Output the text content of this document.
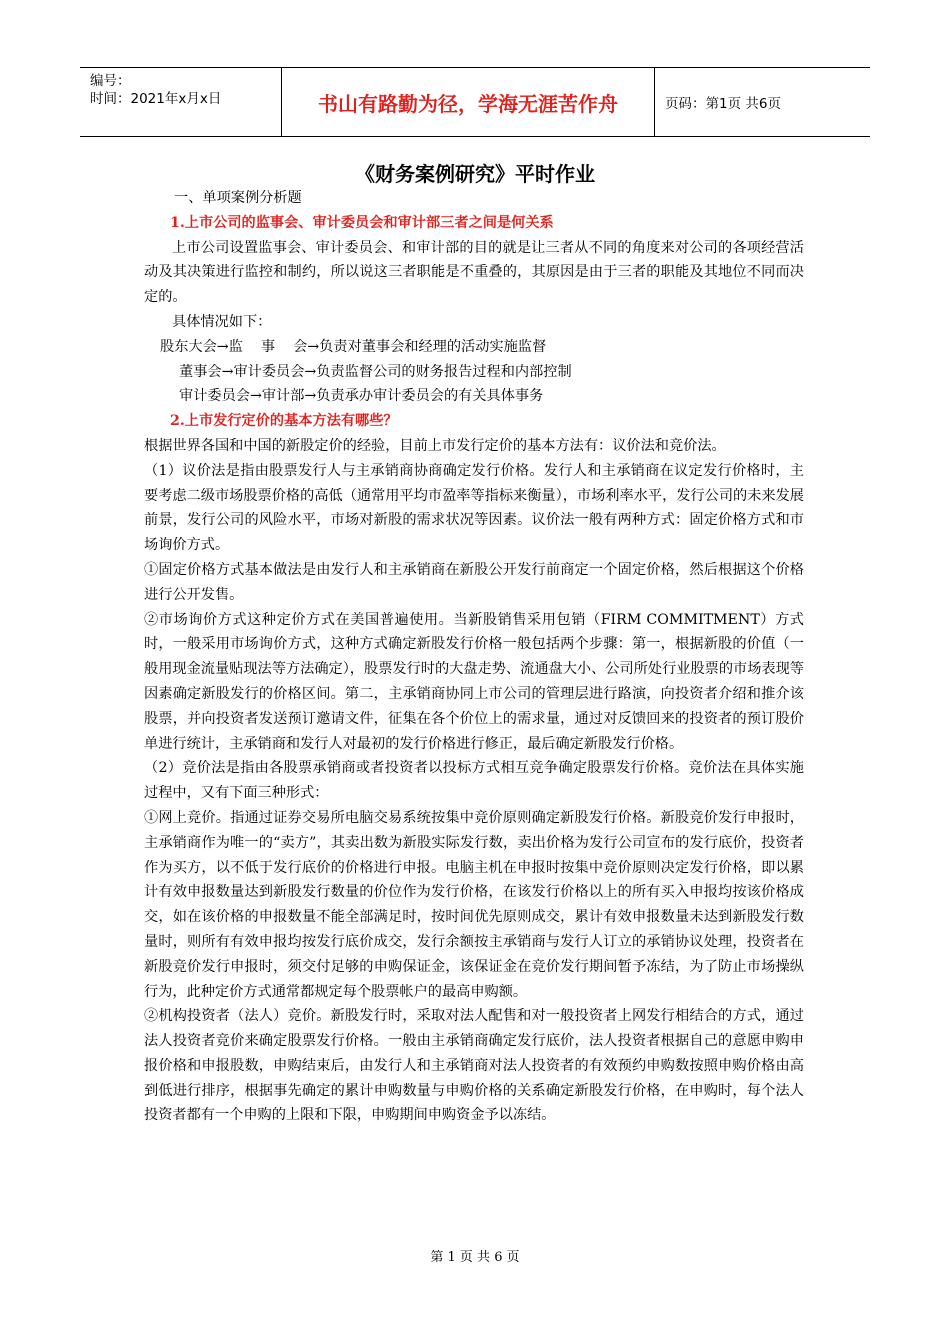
编号：
时间：2021年x月x日	书山有路勤为径，学海无涯苦作舟	页码：第1页 共6页
《财务案例研究》平时作业

一、单项案例分析题

1.上市公司的监事会、审计委员会和审计部三者之间是何关系

上市公司设置监事会、审计委员会、和审计部的目的就是让三者从不同的角度来对公司的各项经营活动及其决策进行监控和制约，所以说这三者职能是不重叠的，其原因是由于三者的职能及其地位不同而决定的。

具体情况如下：

股东大会→监    事    会→负责对董事会和经理的活动实施监督

董事会→审计委员会→负责监督公司的财务报告过程和内部控制

审计委员会→审计部→负责承办审计委员会的有关具体事务

2.上市发行定价的基本方法有哪些？

根据世界各国和中国的新股定价的经验，目前上市发行定价的基本方法有：议价法和竞价法。

（1）议价法是指由股票发行人与主承销商协商确定发行价格。发行人和主承销商在议定发行价格时，主要考虑二级市场股票价格的高低（通常用平均市盈率等指标来衡量），市场利率水平，发行公司的未来发展前景，发行公司的风险水平，市场对新股的需求状况等因素。议价法一般有两种方式：固定价格方式和市场询价方式。

①固定价格方式基本做法是由发行人和主承销商在新股公开发行前商定一个固定价格，然后根据这个价格进行公开发售。

②市场询价方式这种定价方式在美国普遍使用。当新股销售采用包销（FIRM COMMITMENT）方式时，一般采用市场询价方式，这种方式确定新股发行价格一般包括两个步骤：第一，根据新股的价值（一般用现金流量贴现法等方法确定），股票发行时的大盘走势、流通盘大小、公司所处行业股票的市场表现等因素确定新股发行的价格区间。第二，主承销商协同上市公司的管理层进行路演，向投资者介绍和推介该股票，并向投资者发送预订邀请文件，征集在各个价位上的需求量，通过对反馈回来的投资者的预订股价单进行统计，主承销商和发行人对最初的发行价格进行修正，最后确定新股发行价格。

（2）竞价法是指由各股票承销商或者投资者以投标方式相互竞争确定股票发行价格。竞价法在具体实施过程中，又有下面三种形式：

①网上竞价。指通过证券交易所电脑交易系统按集中竞价原则确定新股发行价格。新股竞价发行申报时，主承销商作为唯一的“卖方”，其卖出数为新股实际发行数，卖出价格为发行公司宣布的发行底价，投资者作为买方，以不低于发行底价的价格进行申报。电脑主机在申报时按集中竞价原则决定发行价格，即以累计有效申报数量达到新股发行数量的价位作为发行价格，在该发行价格以上的所有买入申报均按该价格成交，如在该价格的申报数量不能全部满足时，按时间优先原则成交，累计有效申报数量未达到新股发行数量时，则所有有效申报均按发行底价成交，发行余额按主承销商与发行人订立的承销协议处理，投资者在新股竞价发行申报时，须交付足够的申购保证金，该保证金在竞价发行期间暂予冻结，为了防止市场操纵行为，此种定价方式通常都规定每个股票帐户的最高申购额。

②机构投资者（法人）竞价。新股发行时，采取对法人配售和对一般投资者上网发行相结合的方式，通过法人投资者竞价来确定股票发行价格。一般由主承销商确定发行底价，法人投资者根据自己的意愿申购申报价格和申报股数，申购结束后，由发行人和主承销商对法人投资者的有效预约申购数按照申购价格由高到低进行排序，根据事先确定的累计申购数量与申购价格的关系确定新股发行价格，在申购时，每个法人投资者都有一个申购的上限和下限，申购期间申购资金予以冻结。

第 1 页 共 6 页
